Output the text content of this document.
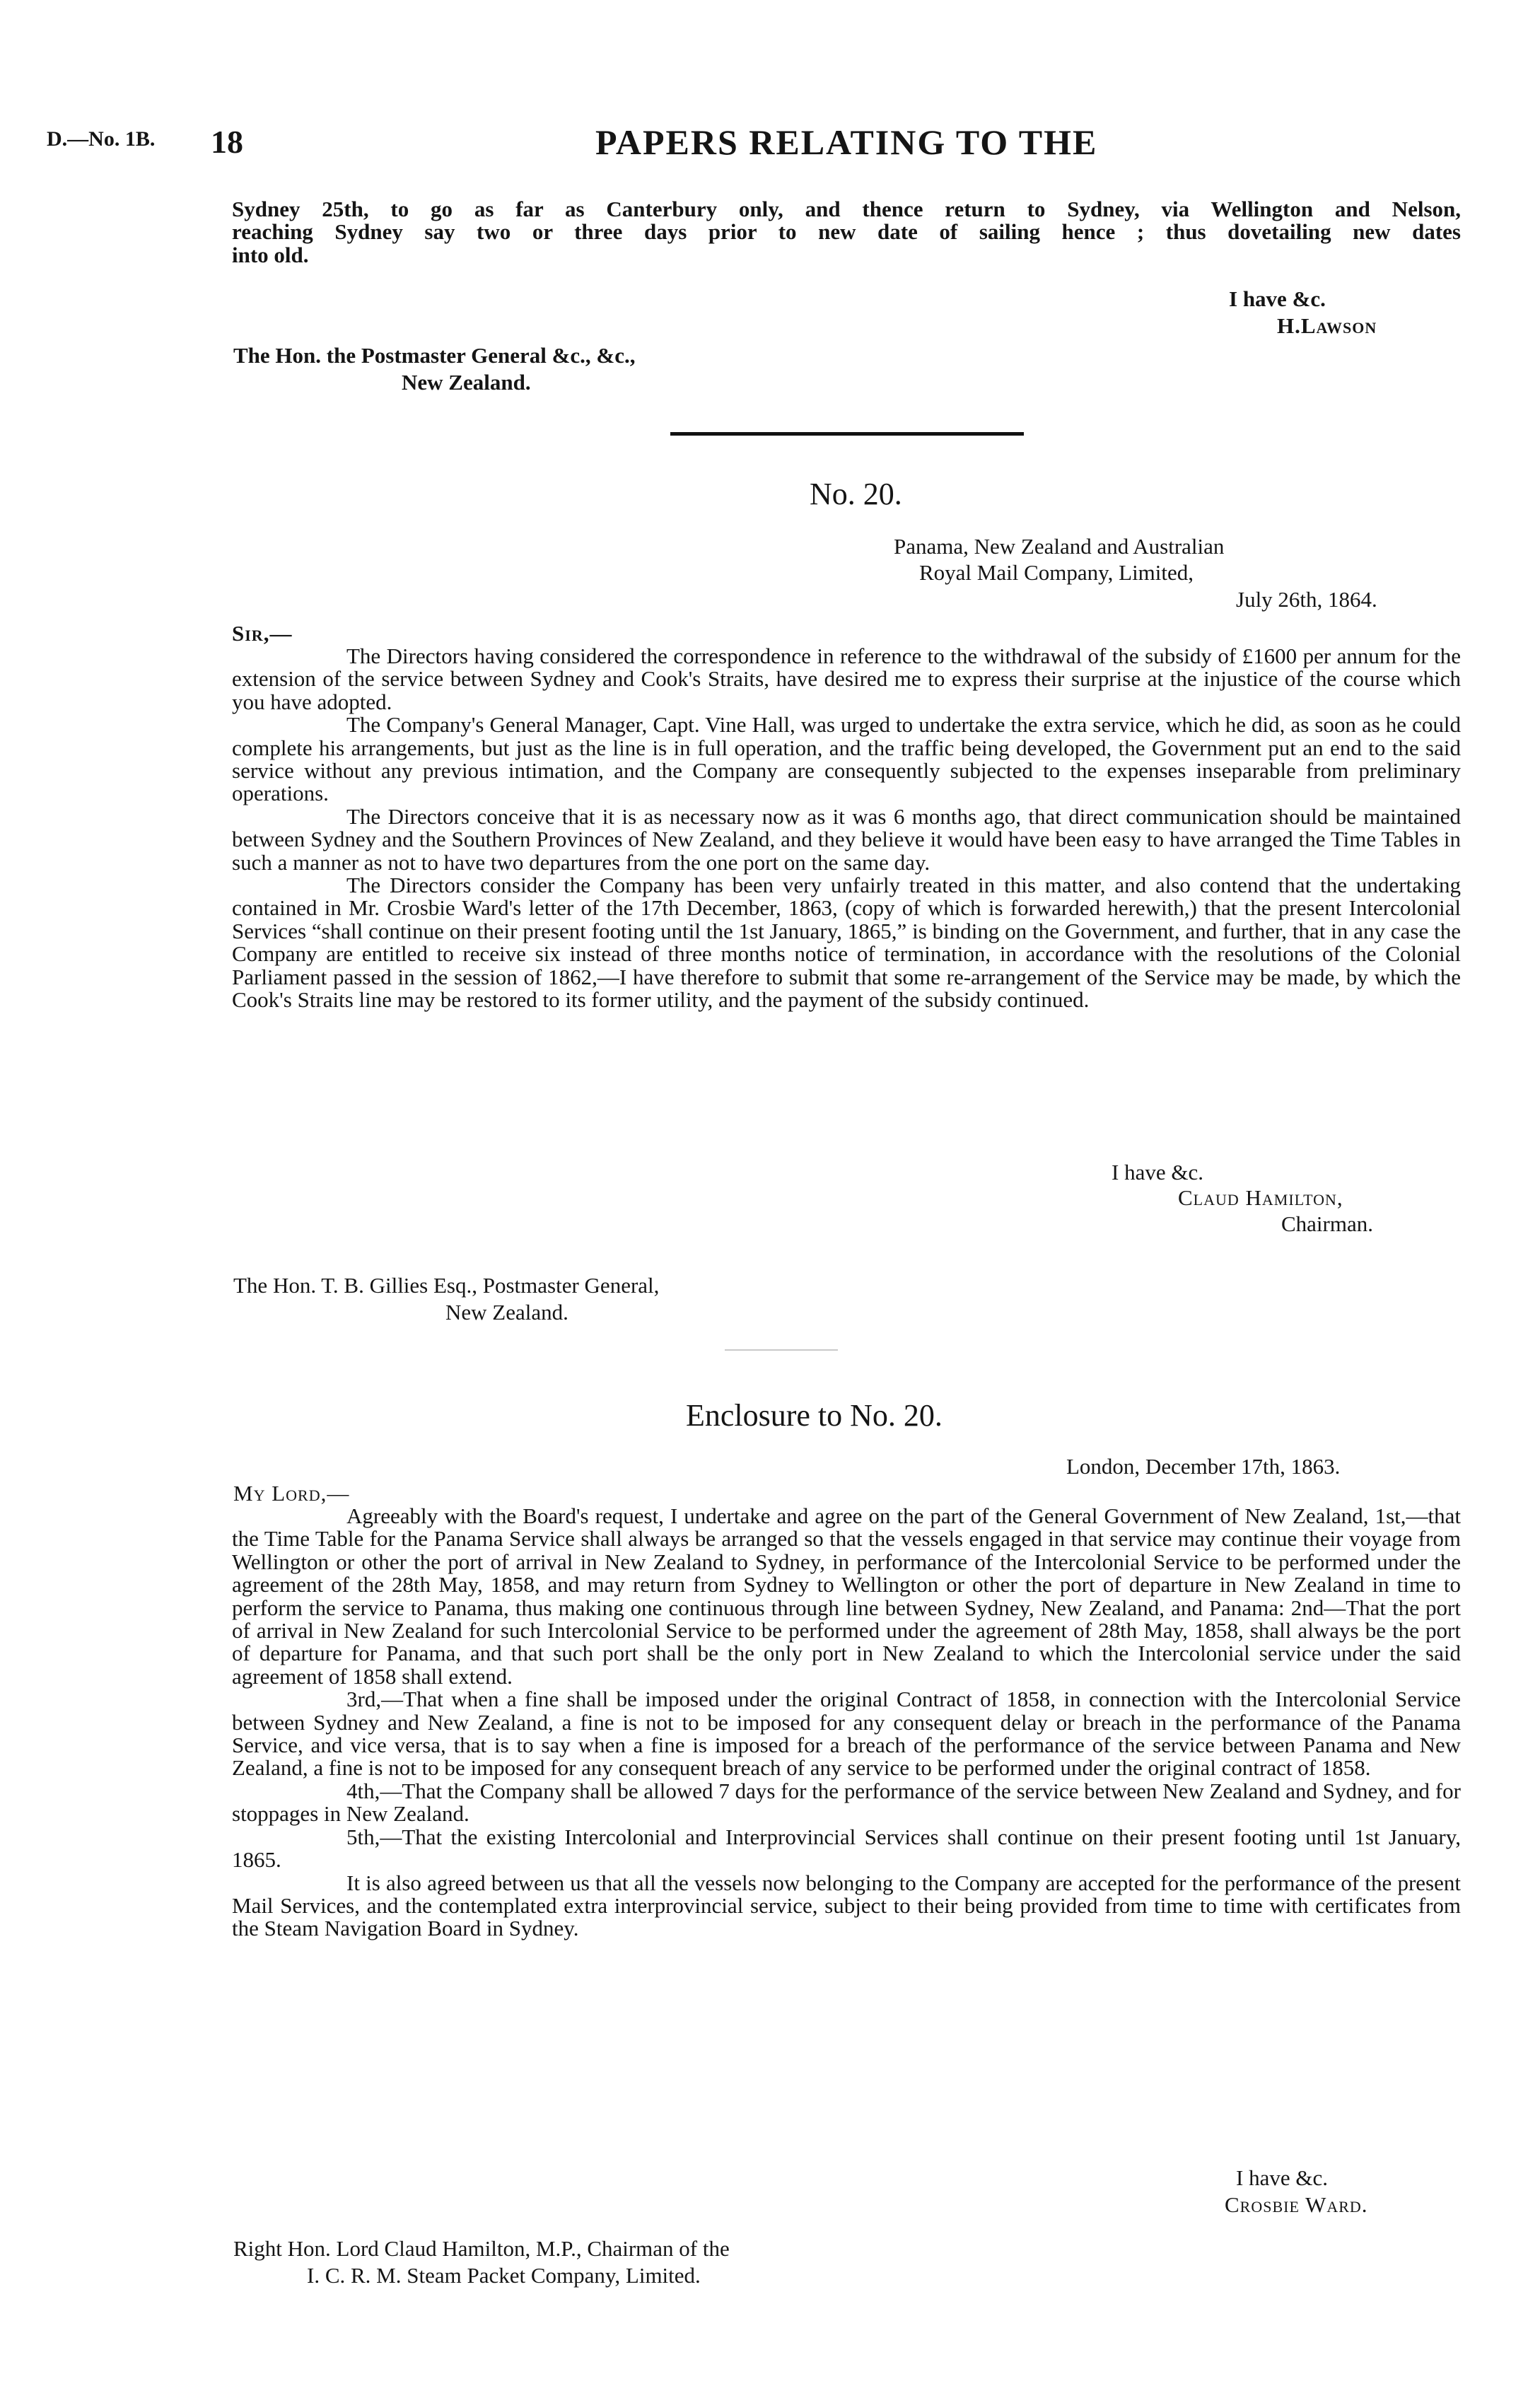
D.—No. 1B. 18	PAPERS RELATING TO THE
Sydney 25th, to go as far as Canterbury only, and thence return to Sydney, via Wellington and Nelson,
reaching Sydney say two or three days prior to new date of sailing hence ; thus dovetailing new dates
into old.
I have &c.
H.Lawson
The Hon. the Postmaster General &c., &c.,
New Zealand.
No. 20.
Panama, New Zealand and Australian
Royal Mail Company, Limited,
July 26th, 1864.
Sir,—

The Directors having considered the correspondence in reference to the withdrawal of the subsidy of £1600 per annum for the extension of the service between Sydney and Cook's Straits, have desired me to express their surprise at the injustice of the course which you have adopted.

The Company's General Manager, Capt. Vine Hall, was urged to undertake the extra service, which he did, as soon as he could complete his arrangements, but just as the line is in full operation, and the traffic being developed, the Government put an end to the said service without any previous intimation, and the Company are consequently subjected to the expenses inseparable from preliminary operations.

The Directors conceive that it is as necessary now as it was 6 months ago, that direct communication should be maintained between Sydney and the Southern Provinces of New Zealand, and they believe it would have been easy to have arranged the Time Tables in such a manner as not to have two departures from the one port on the same day.

The Directors consider the Company has been very unfairly treated in this matter, and also contend that the undertaking contained in Mr. Crosbie Ward's letter of the 17th December, 1863, (copy of which is forwarded herewith,) that the present Intercolonial Services “shall continue on their present footing until the 1st January, 1865,” is binding on the Government, and further, that in any case the Company are entitled to receive six instead of three months notice of termination, in accordance with the resolutions of the Colonial Parliament passed in the session of 1862,—I have therefore to submit that some re-arrangement of the Service may be made, by which the Cook's Straits line may be restored to its former utility, and the payment of the subsidy continued.

I have &c.
Claud Hamilton,
Chairman.
The Hon. T. B. Gillies Esq., Postmaster General,
New Zealand.
Enclosure to No. 20.
London, December 17th, 1863.
My Lord,—

Agreeably with the Board's request, I undertake and agree on the part of the General Government of New Zealand, 1st,—that the Time Table for the Panama Service shall always be arranged so that the vessels engaged in that service may continue their voyage from Wellington or other the port of arrival in New Zealand to Sydney, in performance of the Intercolonial Service to be performed under the agreement of the 28th May, 1858, and may return from Sydney to Wellington or other the port of departure in New Zealand in time to perform the service to Panama, thus making one continuous through line between Sydney, New Zealand, and Panama: 2nd—That the port of arrival in New Zealand for such Intercolonial Service to be performed under the agreement of 28th May, 1858, shall always be the port of departure for Panama, and that such port shall be the only port in New Zealand to which the Intercolonial service under the said agreement of 1858 shall extend.

3rd,—That when a fine shall be imposed under the original Contract of 1858, in connection with the Intercolonial Service between Sydney and New Zealand, a fine is not to be imposed for any consequent delay or breach in the performance of the Panama Service, and vice versa, that is to say when a fine is imposed for a breach of the performance of the service between Panama and New Zealand, a fine is not to be imposed for any consequent breach of any service to be performed under the original contract of 1858.

4th,—That the Company shall be allowed 7 days for the performance of the service between New Zealand and Sydney, and for stoppages in New Zealand.

5th,—That the existing Intercolonial and Interprovincial Services shall continue on their present footing until 1st January, 1865.

It is also agreed between us that all the vessels now belonging to the Company are accepted for the performance of the present Mail Services, and the contemplated extra interprovincial service, subject to their being provided from time to time with certificates from the Steam Navigation Board in Sydney.

I have &c.
Crosbie Ward.
Right Hon. Lord Claud Hamilton, M.P., Chairman of the
I. C. R. M. Steam Packet Company, Limited.
